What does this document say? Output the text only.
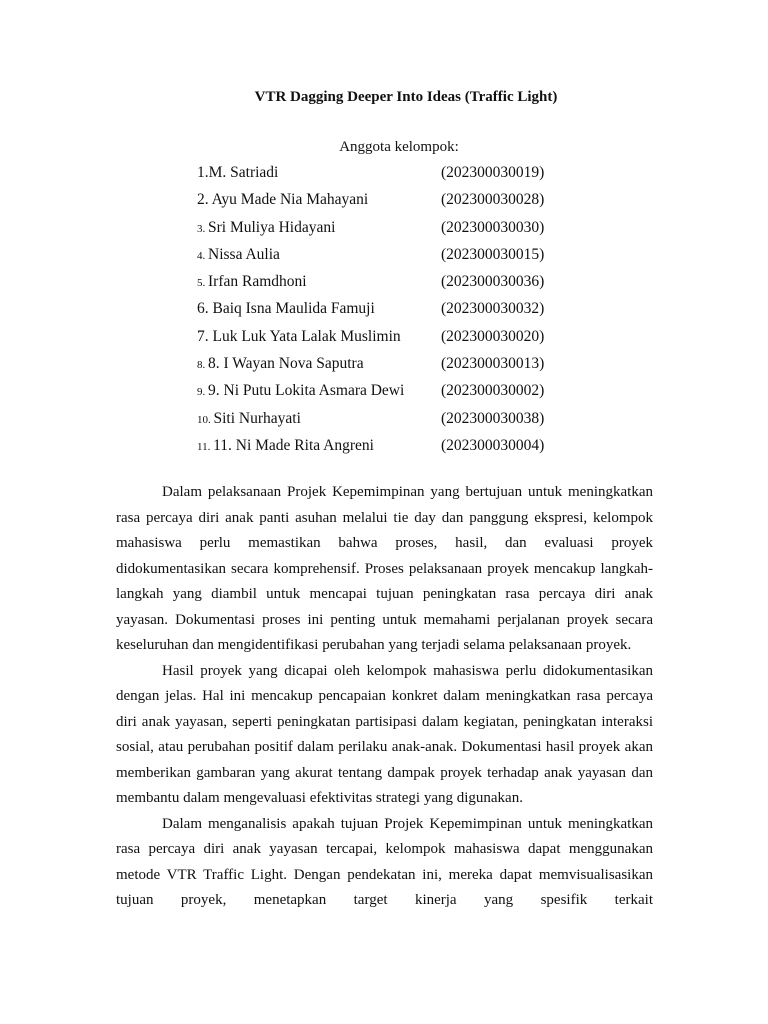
VTR Dagging Deeper Into Ideas (Traffic Light)
Anggota kelompok:
1.M. Satriadi	(202300030019)
2. Ayu Made Nia Mahayani	(202300030028)
3. Sri Muliya Hidayani	(202300030030)
4. Nissa Aulia	(202300030015)
5. Irfan Ramdhoni	(202300030036)
6. Baiq Isna Maulida Famuji	(202300030032)
7. Luk Luk Yata Lalak Muslimin	(202300030020)
8. 8. I Wayan Nova Saputra	(202300030013)
9. 9. Ni Putu Lokita Asmara Dewi (202300030002)
10. Siti Nurhayati	(202300030038)
11. 11. Ni Made Rita Angreni	(202300030004)

Dalam pelaksanaan Projek Kepemimpinan yang bertujuan untuk meningkatkan rasa percaya diri anak panti asuhan melalui tie day dan panggung ekspresi, kelompok mahasiswa perlu memastikan bahwa proses, hasil, dan evaluasi proyek didokumentasikan secara komprehensif. Proses pelaksanaan proyek mencakup langkah-langkah yang diambil untuk mencapai tujuan peningkatan rasa percaya diri anak yayasan. Dokumentasi proses ini penting untuk memahami perjalanan proyek secara keseluruhan dan mengidentifikasi perubahan yang terjadi selama pelaksanaan proyek.

Hasil proyek yang dicapai oleh kelompok mahasiswa perlu didokumentasikan dengan jelas. Hal ini mencakup pencapaian konkret dalam meningkatkan rasa percaya diri anak yayasan, seperti peningkatan partisipasi dalam kegiatan, peningkatan interaksi sosial, atau perubahan positif dalam perilaku anak-anak. Dokumentasi hasil proyek akan memberikan gambaran yang akurat tentang dampak proyek terhadap anak yayasan dan membantu dalam mengevaluasi efektivitas strategi yang digunakan.

Dalam menganalisis apakah tujuan Projek Kepemimpinan untuk meningkatkan rasa percaya diri anak yayasan tercapai, kelompok mahasiswa dapat menggunakan metode VTR Traffic Light. Dengan pendekatan ini, mereka dapat memvisualisasikan tujuan proyek, menetapkan target kinerja yang spesifik terkait
